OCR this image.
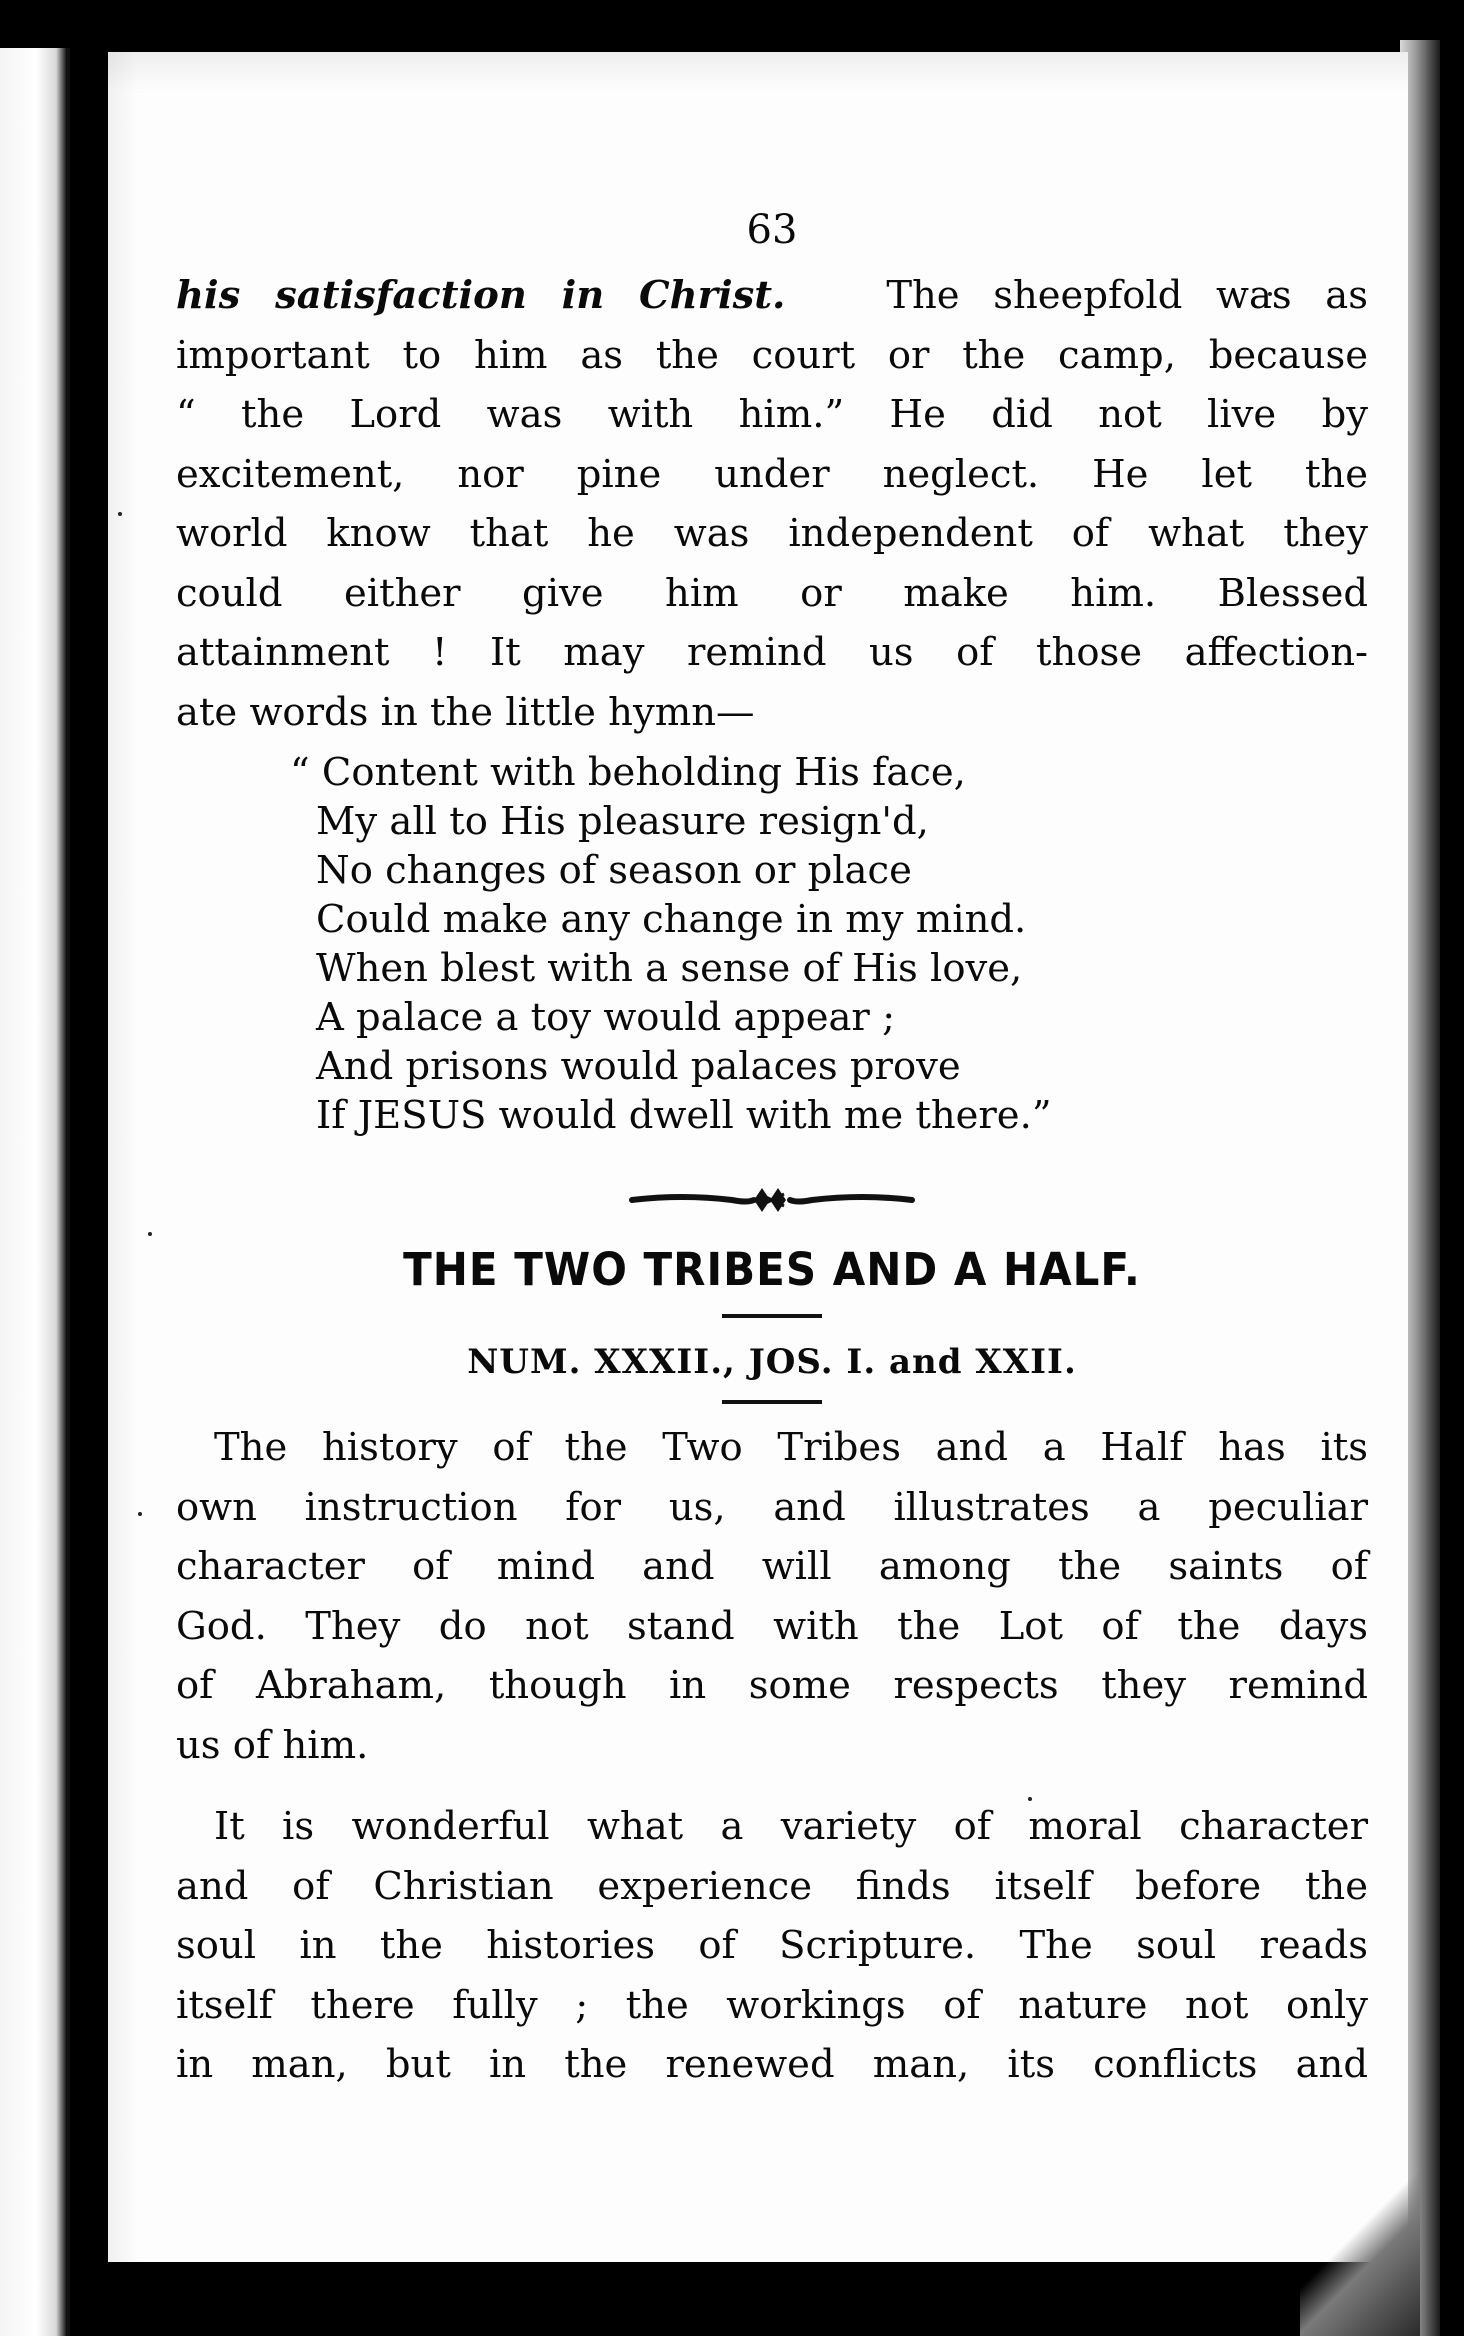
63
his satisfaction in Christ.	The sheepfold was as
important to him as the court or the camp, because
“ the Lord was with him.” He did not live by
excitement, nor pine under neglect. He let the
world know that he was independent of what they
could either give him or make him. Blessed
attainment ! It may remind us of those affection-
ate words in the little hymn—
“ Content with beholding His face,
My all to His pleasure resign'd,
No changes of season or place
Could make any change in my mind.
When blest with a sense of His love,
A palace a toy would appear ;
And prisons would palaces prove
If JESUS would dwell with me there.”
THE TWO TRIBES AND A HALF.
NUM. XXXII., JOS. I. and XXII.
The history of the Two Tribes and a Half has its
own instruction for us, and illustrates a peculiar
character of mind and will among the saints of
God. They do not stand with the Lot of the days
of Abraham, though in some respects they remind
us of him.
It is wonderful what a variety of moral character
and of Christian experience finds itself before the
soul in the histories of Scripture. The soul reads
itself there fully ; the workings of nature not only
in man, but in the renewed man, its conflicts and
